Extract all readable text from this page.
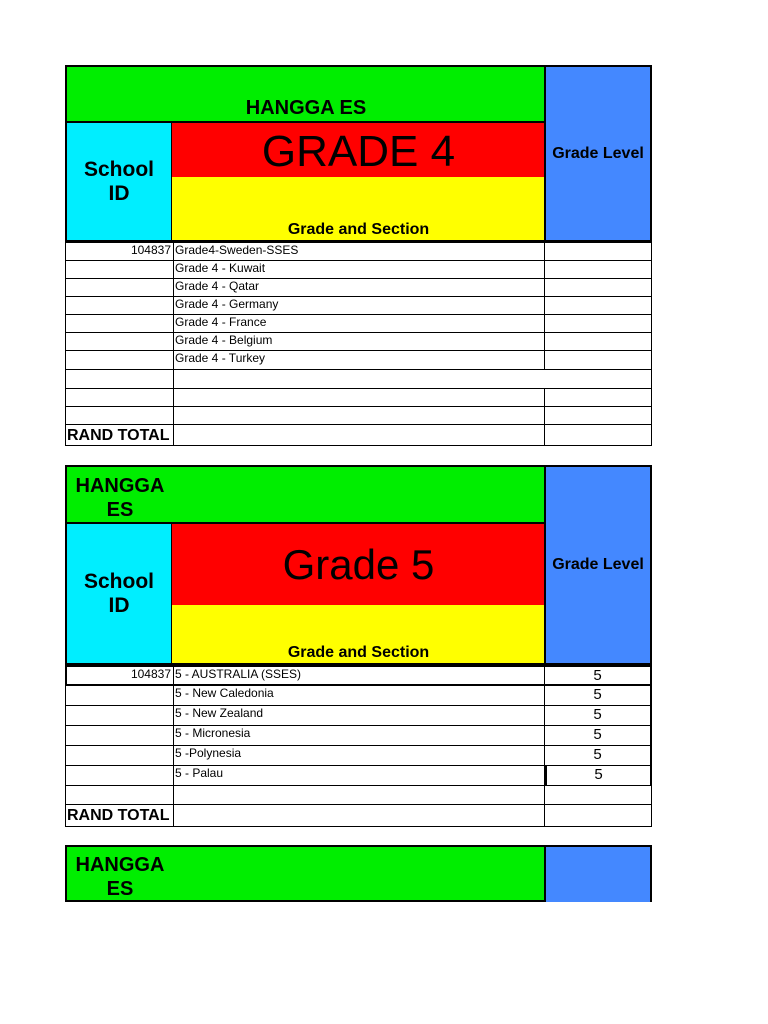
HANGGA ES
School ID
GRADE 4
Grade and Section
Grade Level
104837 Grade4-Sweden-SSES
Grade 4 - Kuwait
Grade 4 - Qatar
Grade 4 - Germany
Grade 4 - France
Grade 4 - Belgium
Grade 4 - Turkey
RAND TOTAL
HANGGA
ES
School ID
Grade 5
Grade and Section
Grade Level
104837 5 - AUSTRALIA (SSES)	5
5 - New Caledonia	5
5 - New Zealand	5
5 - Micronesia	5
5 -Polynesia	5
5 - Palau	5
RAND TOTAL
HANGGA
ES
